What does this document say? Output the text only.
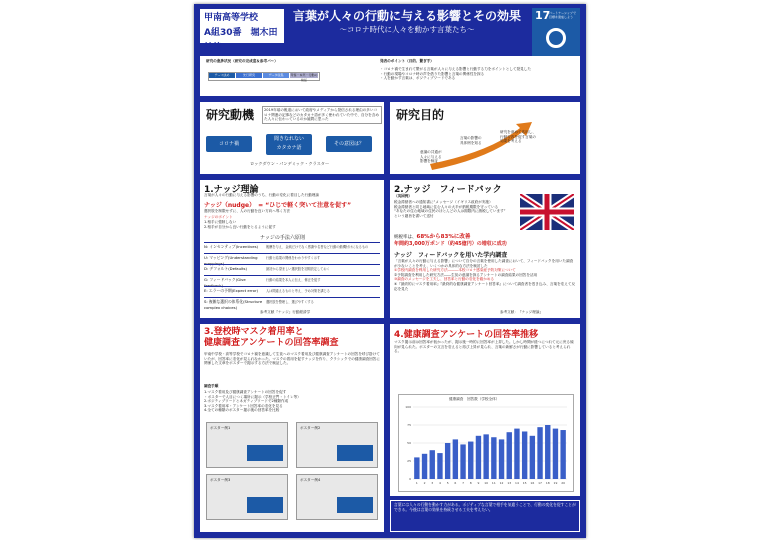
甲南高等学校
A組30番　堀木田結柊
言葉が人々の行動に与える影響とその効果
～コロナ時代に人々を動かす言葉たち～
17
パートナーシップで目標を達成しよう
研究の進捗状況（研究の完成度＆参考バー）
テーマ決め	先行研究	データ収集	考察・本実・行動の検証
発表のポイント（目的、繋ぎ手）
・コロナ禍で生まれて繋がる言葉が人々に与える影響と行動する力をポイントとして発見した
・行動の現場やコロナ時の声を借りた影響と言葉の関係性を探る
・人を動かす言葉は、ポジティブワードである
研究動機	2019年頃の報道において政府やメディアから発信される理由の多いコロナ関連の記事などのカタカナ語が多く使われていた中で、自分を含めた人々に伝わっているのか疑問に思った
コロナ禍
聞きなれない
カタカナ語
その意図は？
ロックダウン・パンデミック・クラスター
研究目的
意識の共通が
人々に与える
影響を検証
言葉の影響の
具体例を知る
研究を深めて応用し、
行動変容を促す言葉の
効果を考える
1.ナッジ理論
言葉が人々の行動に与える影響のうち、行動の変化に着目した行動理論
ナッジ（nudge）　= “ひじで軽く突いて注意を促す”
選択肢を制限せずに、人の行動を良い方向へ導く方法
ナッジのポイント
1.相手に強制しない
2.相手が自分から良い行動をとるように促す
ナッジの手法六原則
N: インセンティブ(Incentives)	報酬を与え、金銭だけでなく感謝や名誉など行動の動機付けになるもの
U: マッピング(Understanding mappings)
行動と結果の関係をわかりやすく示す
D: デフォルト(Defaults)	最初から望ましい選択肢を初期設定しておく
G: フィードバック(Give feedback)
行動の結果を本人に伝え、修正を促す
E: エラーの予期(Expect error)	人は間違えるものと考え、予め対策を講じる
S: 複雑な選択の体系化(Structure complex choices)
選択肢を整理し、選びやすくする
参考文献『ナッジ』行動経済学
2.ナッジ　フィードバック
（英国例）
税金滞納者への通知書に“メッセージ（イギリス政府が実施）
税金滞納者と同じ地域に住む人々の大半が納税期限を守っている
“あなたの住む地域の住民のほとんどの人は期限内に納税しています”
という趣旨を書いて送付
納税率は、68%から83%に改善
年間約3,000万ポンド（約45億円）の増収に成功
ナッジ　フィードバックを用いた学内調査
「言葉が人々の行動に与える影響」について自分の言葉を使用した調査において、フィードバックを用いた調査が少ないことを考え、いくつかの具体的な方法を検討した
①学校内調査を利用した研究方法―――本校コロナ感染症予防対策について
②予防調査を利用した研究方法――生徒の意識を探るアンケートの調査結果の回答を活用
③調査のメッセージを工夫し、回答率と行動の変化を確かめる
④『最終的にマスク着用率』『最終的な健康調査アンケート回答率』について調査者を巻き込み、言葉を変えて反応を見た
参考文献：『ナッジ理論』
3.登校時マスク着用率と
健康調査アンケートの回答率調査
甲南中学校・高等学校でコロナ禍を意識して生徒へのマスク着用及び健康調査アンケートの回答を呼び掛けていたが、回答率に変化が見られなかった。マスクの着用を促すナッジを作り、クラシックでの健康調査回答に関係した文章をポスターで掲示する方法で検証した。
調査手順
1.マスク着用及び健康調査アンケートの回答を促す
・ポスターで人目につく場所に掲示（学校正門・トイレ等）
2.ポジティブワードとネガティブワードで2種類作成
3.マスク着用率・アンケート回答率の変化を見る
4.全ての種類のポスター掲示後の回答率を比較
ポスター例1	ポスター例2
ポスター例3	ポスター例4
4.健康調査アンケートの回答率推移
マスク掲示前は回答率が低かったが、掲示後一時的に回答率が上昇した。しかし時間が経つにつれて元に戻る傾向が見られた。ポスターの文言を変えると再び上昇が見られ、言葉の新鮮さが行動に影響していると考えられる。
健康調査　回答数（学校全体）
0
25
50
75
100
1 2 3 4 5 6 7 8 9 10 11 12 13 14 15 16 17 18 19 20
言葉には人々の行動を動かす力がある。ポジティブな言葉で相手を気遣うことで、行動の変化を促すことができる。今後は言葉の効果を持続させる工夫を考えたい。
